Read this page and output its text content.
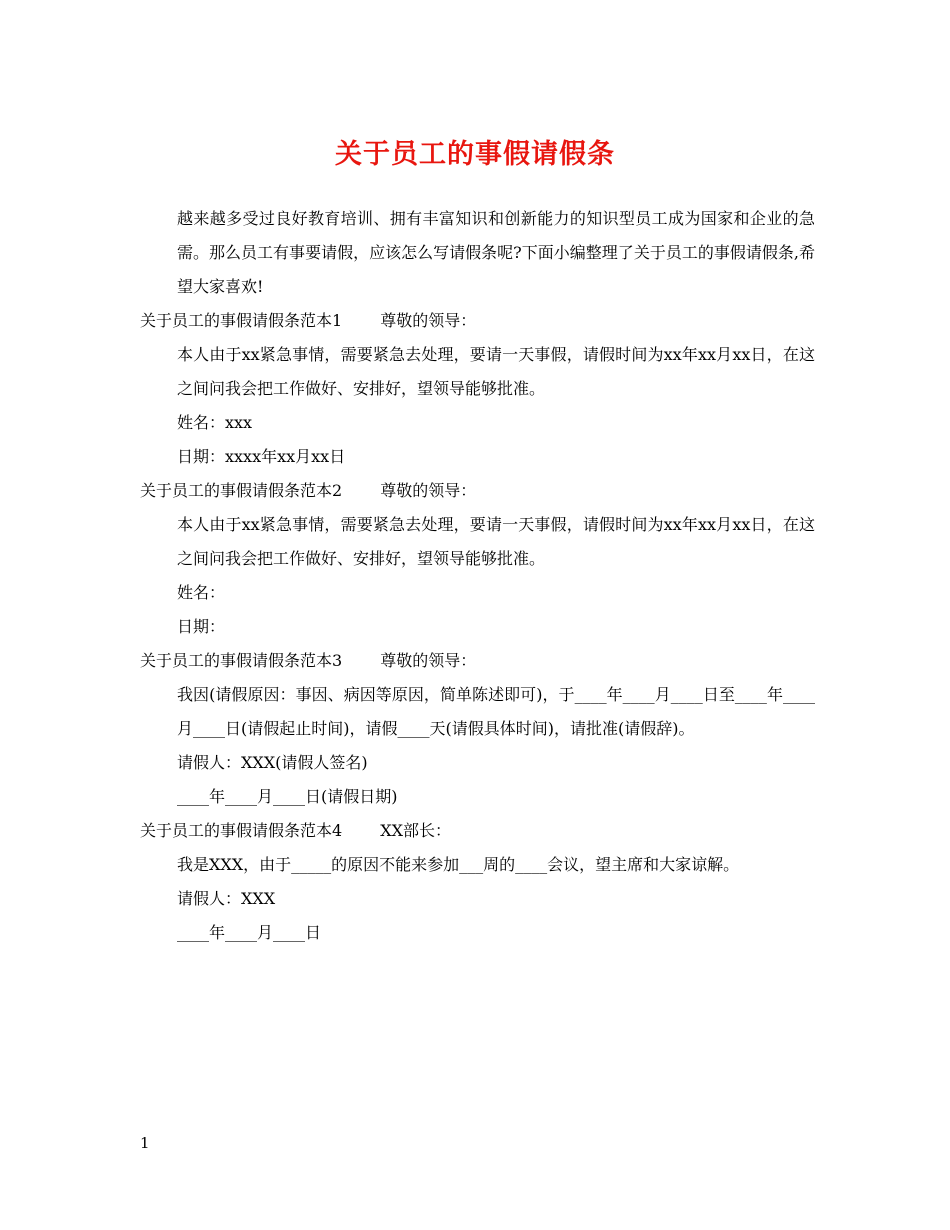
关于员工的事假请假条
越来越多受过良好教育培训、拥有丰富知识和创新能力的知识型员工成为国家和企业的急需。那么员工有事要请假，应该怎么写请假条呢?下面小编整理了关于员工的事假请假条,希望大家喜欢!
关于员工的事假请假条范本1 尊敬的领导：
本人由于xx紧急事情，需要紧急去处理，要请一天事假，请假时间为xx年xx月xx日，在这之间问我会把工作做好、安排好，望领导能够批准。
姓名：xxx
日期：xxxx年xx月xx日
关于员工的事假请假条范本2 尊敬的领导：
本人由于xx紧急事情，需要紧急去处理，要请一天事假，请假时间为xx年xx月xx日，在这之间问我会把工作做好、安排好，望领导能够批准。
姓名：
日期：
关于员工的事假请假条范本3 尊敬的领导：
我因(请假原因：事因、病因等原因，简单陈述即可)，于____年____月____日至____年____月____日(请假起止时间)，请假____天(请假具体时间)，请批准(请假辞)。
请假人：XXX(请假人签名)
____年____月____日(请假日期)
关于员工的事假请假条范本4 XX部长：
我是XXX，由于_____的原因不能来参加___周的____会议，望主席和大家谅解。
请假人：XXX
____年____月____日
1
